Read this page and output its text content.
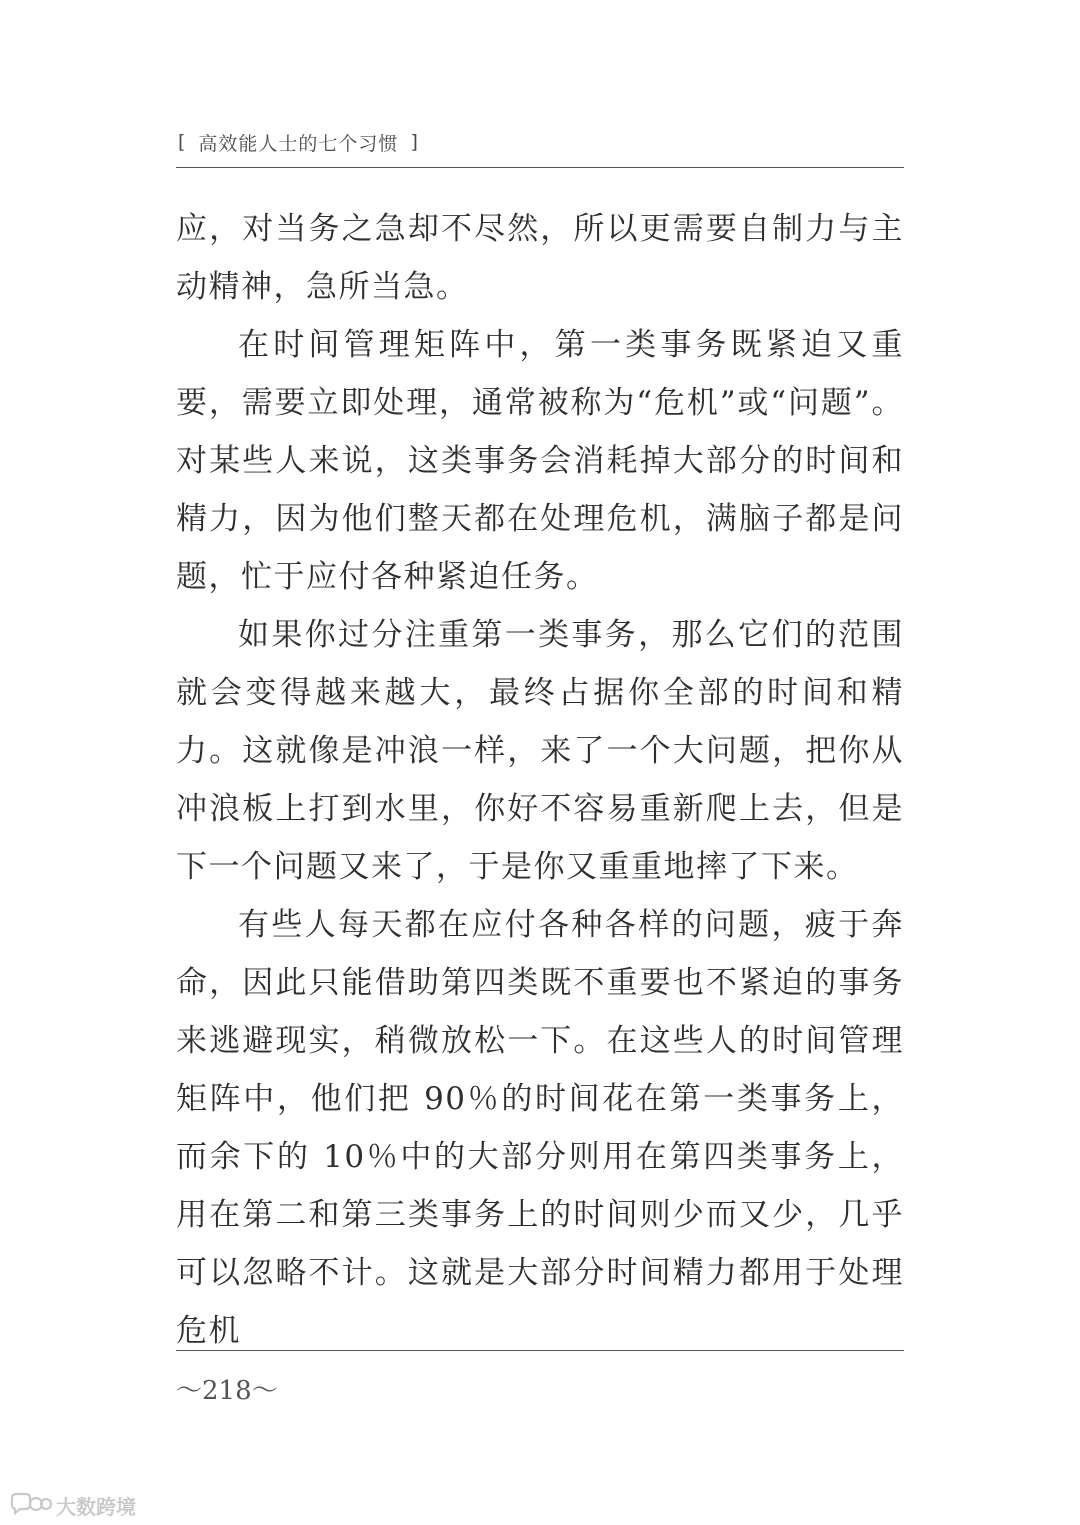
[ 高效能人士的七个习惯 ]

应，对当务之急却不尽然，所以更需要自制力与主动精神，急所当急。

在时间管理矩阵中，第一类事务既紧迫又重要，需要立即处理，通常被称为“危机”或“问题”。对某些人来说，这类事务会消耗掉大部分的时间和精力，因为他们整天都在处理危机，满脑子都是问题，忙于应付各种紧迫任务。

如果你过分注重第一类事务，那么它们的范围就会变得越来越大，最终占据你全部的时间和精力。这就像是冲浪一样，来了一个大问题，把你从冲浪板上打到水里，你好不容易重新爬上去，但是下一个问题又来了，于是你又重重地摔了下来。

有些人每天都在应付各种各样的问题，疲于奔命，因此只能借助第四类既不重要也不紧迫的事务来逃避现实，稍微放松一下。在这些人的时间管理矩阵中，他们把 90％的时间花在第一类事务上，而余下的 10％中的大部分则用在第四类事务上，用在第二和第三类事务上的时间则少而又少，几乎可以忽略不计。这就是大部分时间精力都用于处理危机

～218～
大数跨境
